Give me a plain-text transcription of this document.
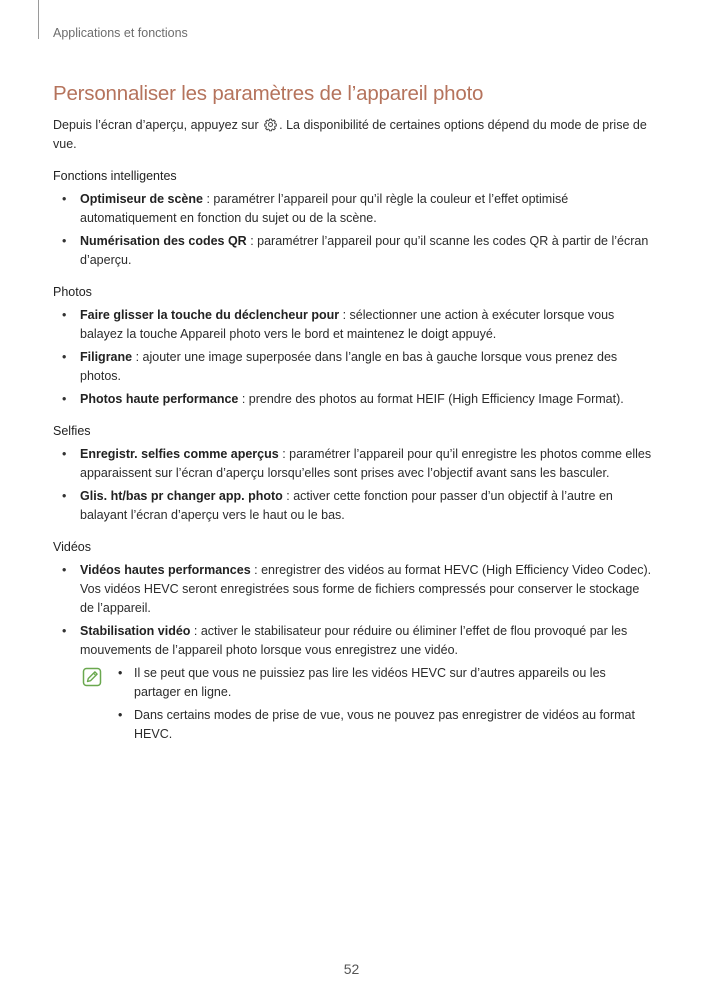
Applications et fonctions
Personnaliser les paramètres de l’appareil photo

Depuis l’écran d’aperçu, appuyez sur . La disponibilité de certaines options dépend du mode de prise de vue.

Fonctions intelligentes
• Optimiseur de scène : paramétrer l’appareil pour qu’il règle la couleur et l’effet optimisé automatiquement en fonction du sujet ou de la scène.
• Numérisation des codes QR : paramétrer l’appareil pour qu’il scanne les codes QR à partir de l’écran d’aperçu.
Photos
• Faire glisser la touche du déclencheur pour : sélectionner une action à exécuter lorsque vous balayez la touche Appareil photo vers le bord et maintenez le doigt appuyé.
• Filigrane : ajouter une image superposée dans l’angle en bas à gauche lorsque vous prenez des photos.
• Photos haute performance : prendre des photos au format HEIF (High Efficiency Image Format).
Selfies
• Enregistr. selfies comme aperçus : paramétrer l’appareil pour qu’il enregistre les photos comme elles apparaissent sur l’écran d’aperçu lorsqu’elles sont prises avec l’objectif avant sans les basculer.
• Glis. ht/bas pr changer app. photo : activer cette fonction pour passer d’un objectif à l’autre en balayant l’écran d’aperçu vers le haut ou le bas.
Vidéos
• Vidéos hautes performances : enregistrer des vidéos au format HEVC (High Efficiency Video Codec). Vos vidéos HEVC seront enregistrées sous forme de fichiers compressés pour conserver le stockage de l’appareil.
• Stabilisation vidéo : activer le stabilisateur pour réduire ou éliminer l’effet de flou provoqué par les mouvements de l’appareil photo lorsque vous enregistrez une vidéo.
• Il se peut que vous ne puissiez pas lire les vidéos HEVC sur d’autres appareils ou les partager en ligne.
• Dans certains modes de prise de vue, vous ne pouvez pas enregistrer de vidéos au format HEVC.
52
